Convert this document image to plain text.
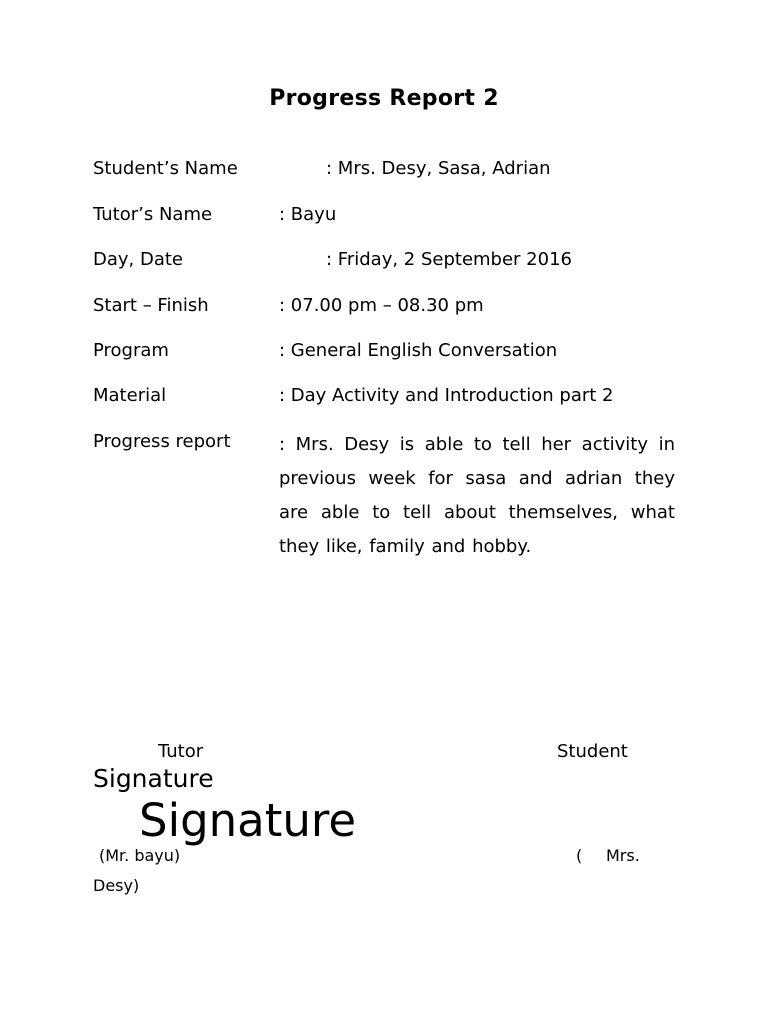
Progress Report 2
Student’s Name	: Mrs. Desy, Sasa, Adrian
Tutor’s Name	: Bayu
Day, Date	: Friday, 2 September 2016
Start – Finish	: 07.00 pm – 08.30 pm
Program	: General English Conversation
Material	: Day Activity and Introduction part 2
Progress report	: Mrs. Desy is able to tell her activity in previous week for sasa and adrian they are able to tell about themselves, what they like, family and hobby.
Tutor	Student
Signature
Signature
(Mr. bayu)	( Mrs.
Desy)
